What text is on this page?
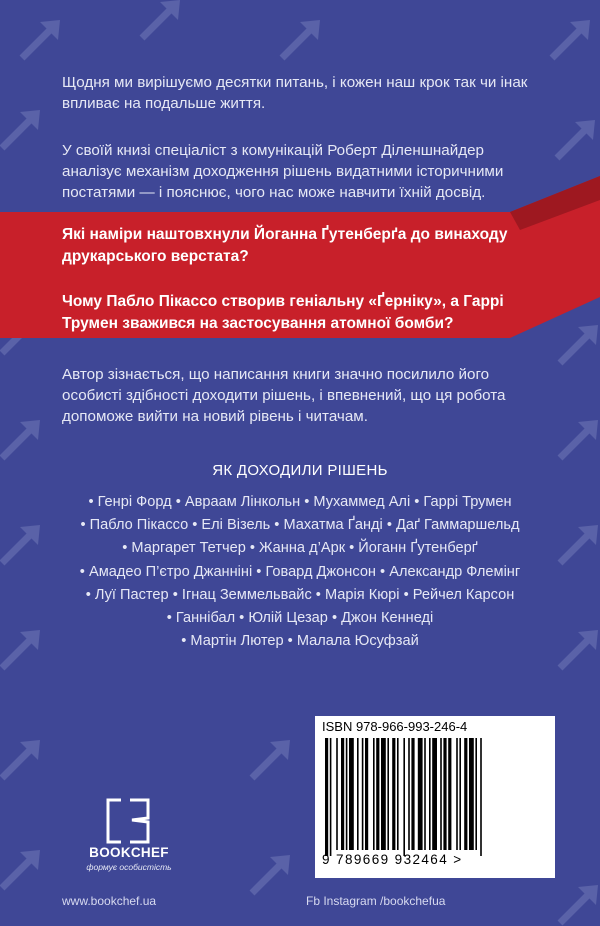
Щодня ми вирішуємо десятки питань, і кожен наш крок так чи інак впливає на подальше життя.
У своїй книзі спеціаліст з комунікацій Роберт Діленшнайдер аналізує механізм доходження рішень видатними історичними постатями — і пояснює, чого нас може навчити їхній досвід.
Які наміри наштовхнули Йоганна Ґутенберґа до винаходу друкарського верстата?
Чому Пабло Пікассо створив геніальну «Ґерніку», а Гаррі Трумен зважився на застосування атомної бомби?
Автор зізнається, що написання книги значно посилило його особисті здібності доходити рішень, і впевнений, що ця робота допоможе вийти на новий рівень і читачам.
ЯК ДОХОДИЛИ РІШЕНЬ
• Генрі Форд • Авраам Лінкольн • Мухаммед Алі • Гаррі Трумен
• Пабло Пікассо • Елі Візель • Махатма Ґанді • Даґ Гаммаршельд
• Маргарет Тетчер • Жанна д’Арк • Йоганн Ґутенберґ
• Амадео П’єтро Джанніні • Говард Джонсон • Александр Флемінг
• Луї Пастер • Ігнац Земмельвайс • Марія Кюрі • Рейчел Карсон
• Ганнібал • Юлій Цезар • Джон Кеннеді
• Мартін Лютер • Малала Юсуфзай
ISBN 978-966-993-246-4
9 789669 932464 >
BOOKCHEF
формує особистість
www.bookchef.ua	Fb Instagram /bookchefua
